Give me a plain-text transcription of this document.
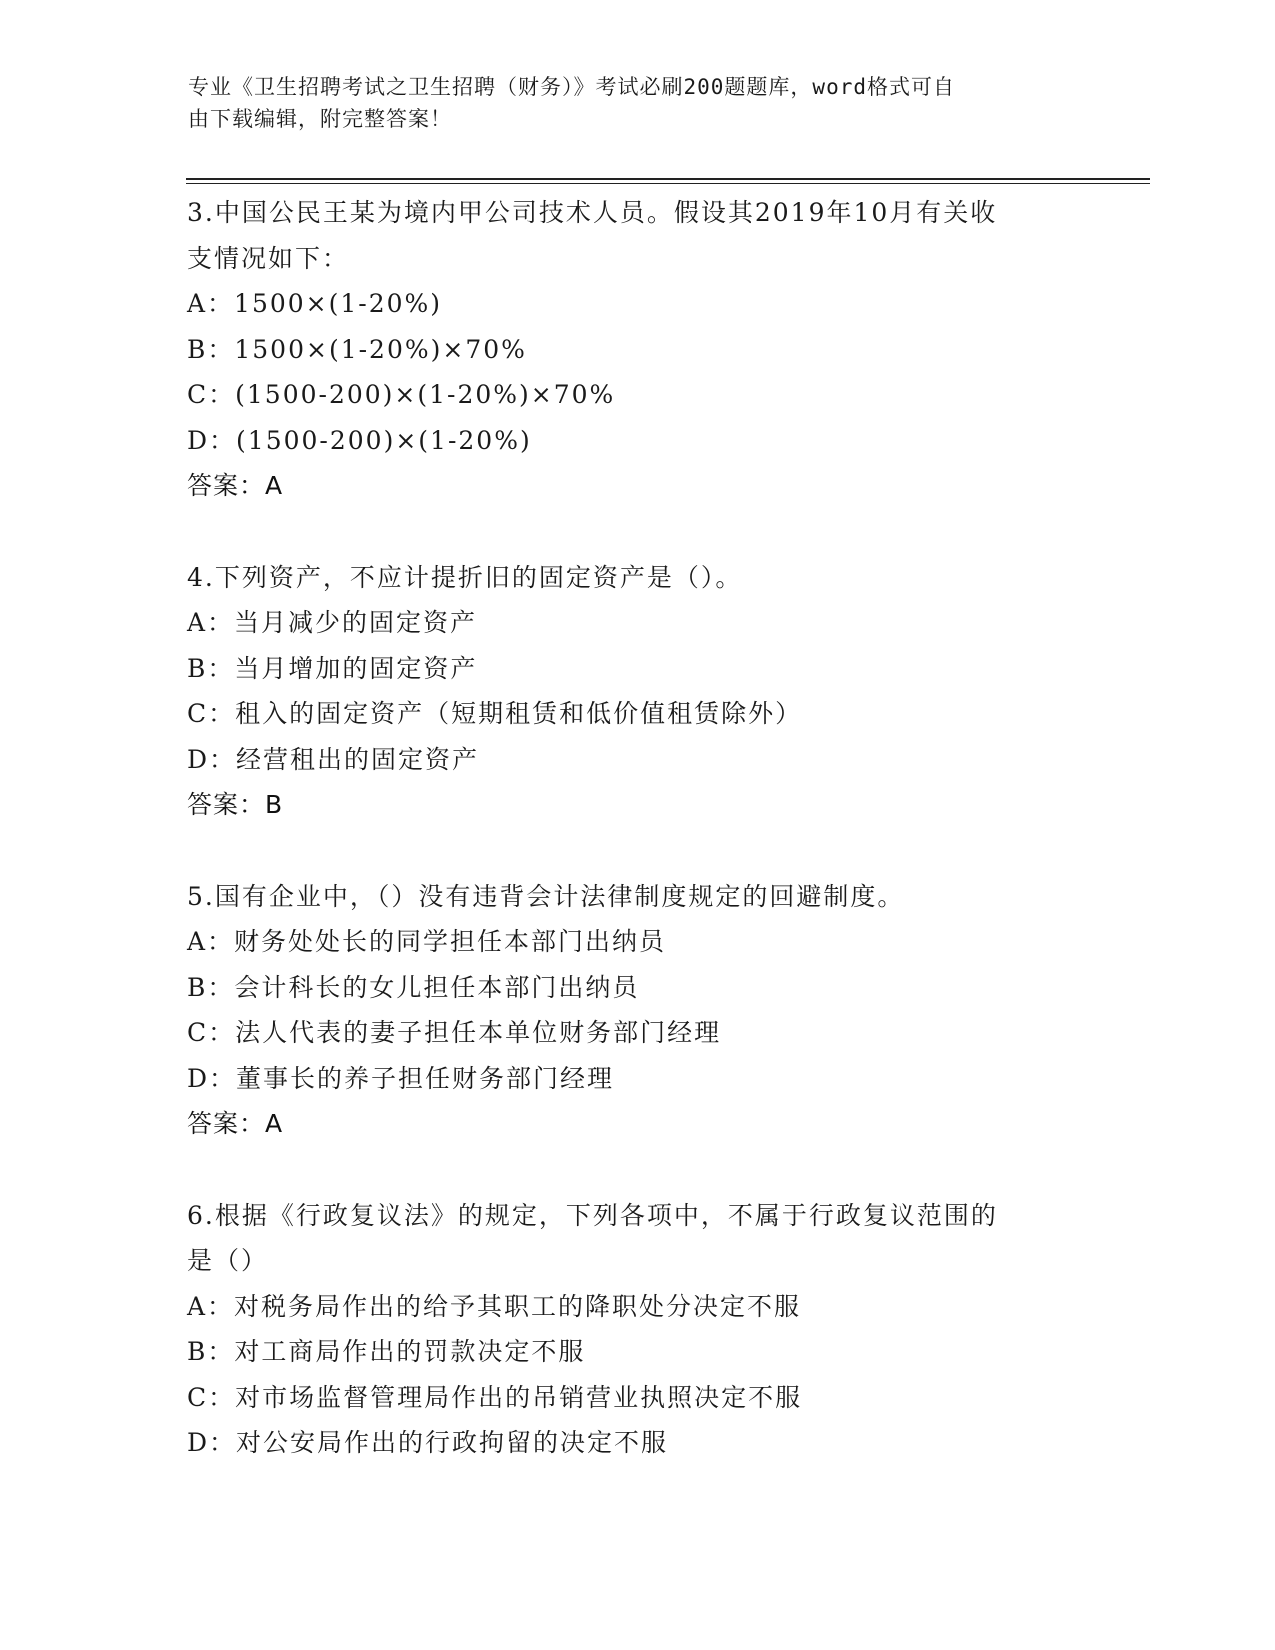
专业《卫生招聘考试之卫生招聘（财务）》考试必刷200题题库，word格式可自
由下载编辑，附完整答案！
3.中国公民王某为境内甲公司技术人员。假设其2019年10月有关收
支情况如下：
A：1500×(1-20%)
B：1500×(1-20%)×70%
C：(1500-200)×(1-20%)×70%
D：(1500-200)×(1-20%)
答案：A
4.下列资产，不应计提折旧的固定资产是（）。
A：当月减少的固定资产
B：当月增加的固定资产
C：租入的固定资产（短期租赁和低价值租赁除外）
D：经营租出的固定资产
答案：B
5.国有企业中，（）没有违背会计法律制度规定的回避制度。
A：财务处处长的同学担任本部门出纳员
B：会计科长的女儿担任本部门出纳员
C：法人代表的妻子担任本单位财务部门经理
D：董事长的养子担任财务部门经理
答案：A
6.根据《行政复议法》的规定，下列各项中，不属于行政复议范围的
是（）
A：对税务局作出的给予其职工的降职处分决定不服
B：对工商局作出的罚款决定不服
C：对市场监督管理局作出的吊销营业执照决定不服
D：对公安局作出的行政拘留的决定不服
